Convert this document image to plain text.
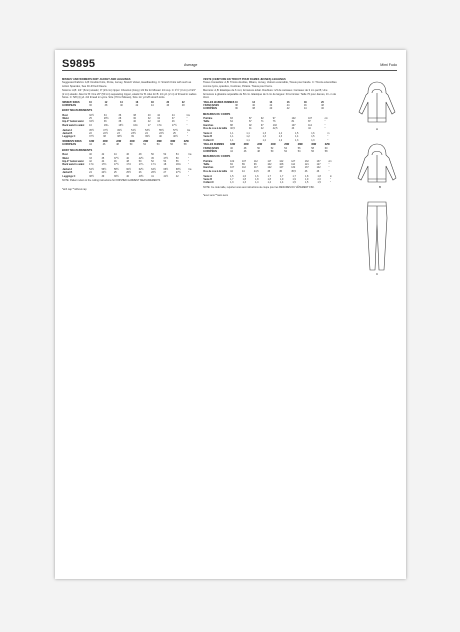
S9895	Average	Mimi Fudo
MISSES' AND WOMEN'S KNIT JACKET AND LEGGINGS

Suggested Fabrics: A,B: Double Knits, Ponte, Jersey, Stretch Velvet, Headbanding. C: Stretch Knits with such as Action Spandex, See Fit-R Ke4 Fleece.

Notions: A,B: 1/4" (6mm) elastic; 9" (23 cm) zipper. Chestnut (Cosy) 1/3 fits for Misses' 1/4 cup. C: 1½" (3 cm) of 3/4" (2 cm) elastic. Also for B: One 20" (50 cm) separating zipper, elastic for B. Also for B: 1/4 yd. (2 m) of thread in Ladies Sizes. C: 5/8 (4) yd. 2/4 thread in Lycra. Size (70 for Misses), Size 1¼ yd 1/8 stretch knits.

MISSES' SIZES	10	12	14	16	18	20	22
EUROPEAN	36	38	40	42	44	46	48
BODY MEASUREMENTS
Bust	32½	34	36	38	40	42	44	Ins
Waist	25	26½	28	30	32	34	37	"
Hip-9" below waist	34½	36	38	40	42	44	46	"
Back waist to waist	16	16¼	16½	16¾	17	17¼	17½	"
Jacket A	45½	47½	49½	51½	53½	55½	57½	Ins
Jacket B	22	22½	23	23½	24	24½	25	"
Leggings C	37½	38	38½	39	39½	40	40½	"
WOMEN'S SIZES	18W	20W	22W	24W	26W	28W	30W	32W
EUROPEAN	44	46	48	50	52	54	56	58
BODY MEASUREMENTS
Bust	40	42	44	46	48	50	52	54	Ins
Waist	33	35	37½	40	42½	45	47½	50	"
Hip-9" below waist	42	44	46	48	50	52	54	56	"
Back waist to waist	17¼	17⅜	17½	17⅝	17¾	17⅞	18	18⅛	"
Jacket A	54½	56½	58½	60½	62½	64½	66½	68½	Ins
Jacket B	24	24½	25	25½	26	26½	27	27½	"
Leggings C	38½	39	39½	40	40½	41	41½	42	"
NOTE: Pattern refers to the cutting instructions for FINISHED GARMENT MEASUREMENTS
*with nap **without nap
VESTE (CEINTURE EN TRICOT POUR DAMES JEUNES) LEGGINGS

Tissus Conseillés: A,B: Tricots doubles, Milano, Jersey, Velours extensible, Tissus pour bande. C: Tricots extensibles comme lycra, spandex, Coolmax, Polaire. Tissus pour Ferra.

Mercerie: A,B: Elastique de 6 mm; fermeture éclair. Doublure: 1/3 de carreaux. Carreaux de 3 cm par B; Une fermeture à glissière séparable de 50 cm. Elastique de 3 cm de largeur. Fil à tricoter. Taille 70 pour dames, 1¼ m de tricot.

TAILLES JEUNES FEMMES	10	12	14	16	18	20
FRANÇAISES	38	40	42	44	46	48
EUROPÉEN	36	38	40	42	44	46
MESURES DU CORPS
Poitrine	83	87	92	97	102	107	cm
Taille	64	67	71	76	81	87	"
Hanches	88	92	97	102	107	112	"
Dos de cou à la taille	40,5	41	42	42,5	43	44	"
Veste A	1,1	1,1	1,3	1,4	1,5	1,6	m
Veste B	1,1	1,2	1,3	1,3	1,4	1,5	"
Collant C	1,1	1,1	1,2	1,2	1,3	1,3	"
TAILLES FEMMES	18W	20W	22W	24W	26W	28W	30W	32W
FRANÇAISES	46	48	50	52	54	56	58	60
EUROPÉEN	44	46	48	50	52	54	56	58
MESURES DU CORPS
Poitrine	102	107	112	117	122	127	132	137	cm
Taille	84	89	96	102	108	114	121	127	"
Hanches	107	112	117	122	127	132	137	142	"
Dos de cou à la taille	44	44	44,5	45	45	45,5	46	46	"
Veste A	1,5	1,6	1,6	1,7	1,7	1,7	1,8	1,8	m
Veste B	1,7	1,8	1,8	1,8	1,9	1,9	1,9	2,0	"
Collant C	1,3	1,3	1,4	1,4	1,4	1,5	1,5	1,5	"
NOTE: Ce code taille, reportez-vous aux instructions de coupe pour les MESURES DU VÊTEMENT FINI.
*avec sens **sans sens
A
B
C
